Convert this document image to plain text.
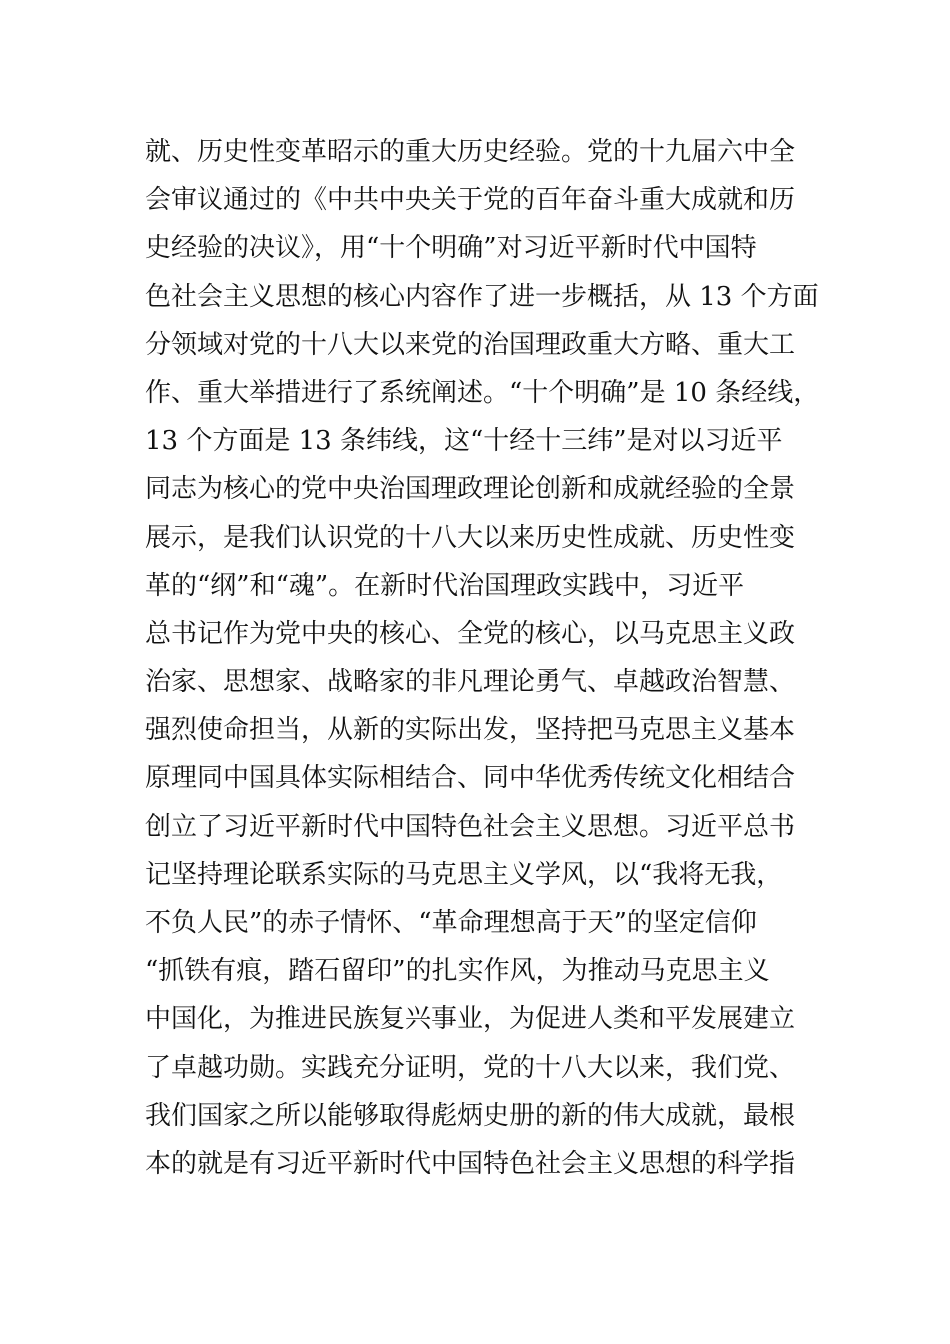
就、历史性变革昭示的重大历史经验。党的十九届六中全
会审议通过的《中共中央关于党的百年奋斗重大成就和历
史经验的决议》，用“十个明确”对习近平新时代中国特
色社会主义思想的核心内容作了进一步概括，从 13 个方面
分领域对党的十八大以来党的治国理政重大方略、重大工
作、重大举措进行了系统阐述。“十个明确”是 10 条经线，
13 个方面是 13 条纬线，这“十经十三纬”是对以习近平
同志为核心的党中央治国理政理论创新和成就经验的全景
展示，是我们认识党的十八大以来历史性成就、历史性变
革的“纲”和“魂”。在新时代治国理政实践中，习近平
总书记作为党中央的核心、全党的核心，以马克思主义政
治家、思想家、战略家的非凡理论勇气、卓越政治智慧、
强烈使命担当，从新的实际出发，坚持把马克思主义基本
原理同中国具体实际相结合、同中华优秀传统文化相结合
创立了习近平新时代中国特色社会主义思想。习近平总书
记坚持理论联系实际的马克思主义学风，以“我将无我，
不负人民”的赤子情怀、“革命理想高于天”的坚定信仰
“抓铁有痕，踏石留印”的扎实作风，为推动马克思主义
中国化，为推进民族复兴事业，为促进人类和平发展建立
了卓越功勋。实践充分证明，党的十八大以来，我们党、
我们国家之所以能够取得彪炳史册的新的伟大成就，最根
本的就是有习近平新时代中国特色社会主义思想的科学指
